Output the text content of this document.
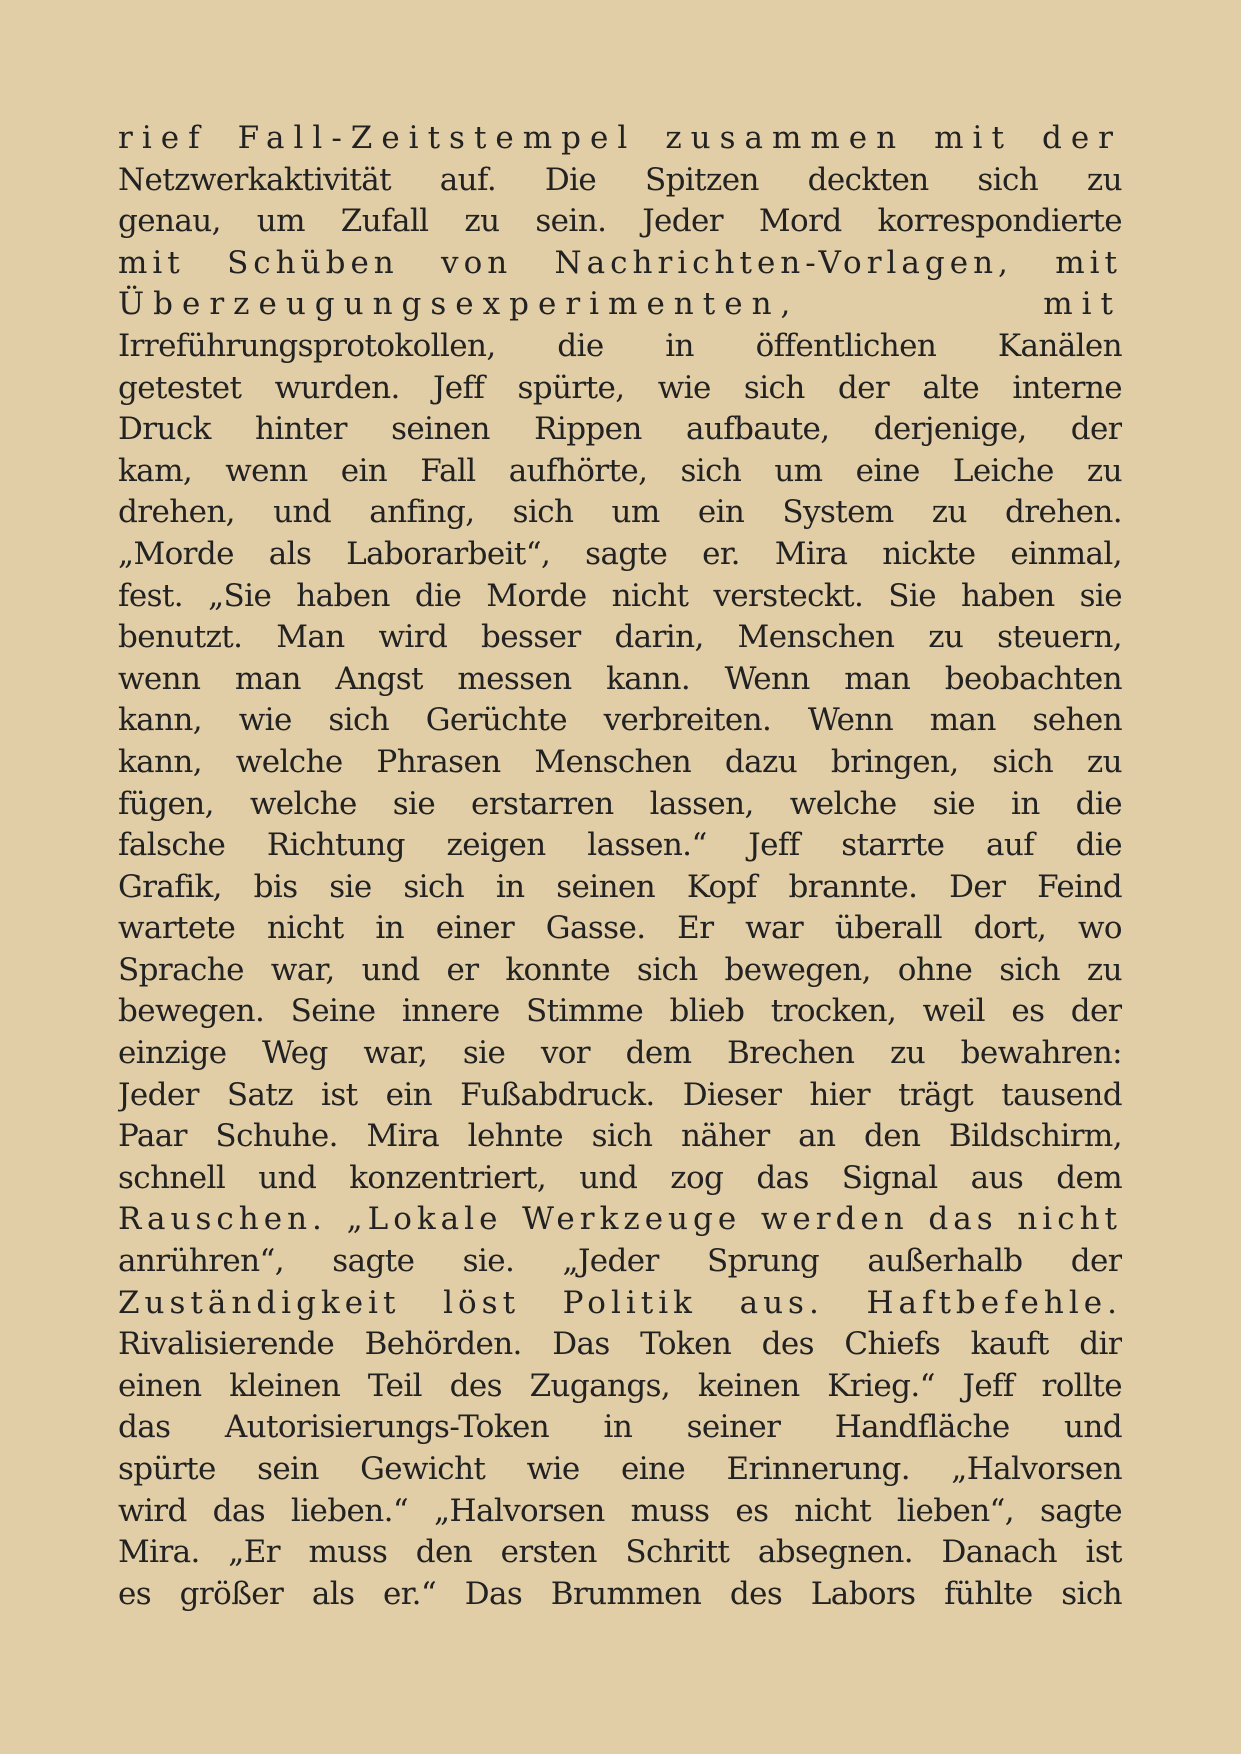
rief Fall-Zeitstempel zusammen mit der
Netzwerkaktivität auf. Die Spitzen deckten sich zu
genau, um Zufall zu sein. Jeder Mord korrespondierte
mit Schüben von Nachrichten-Vorlagen, mit
Überzeugungsexperimenten, mit
Irreführungsprotokollen, die in öffentlichen Kanälen
getestet wurden. Jeff spürte, wie sich der alte interne
Druck hinter seinen Rippen aufbaute, derjenige, der
kam, wenn ein Fall aufhörte, sich um eine Leiche zu
drehen, und anfing, sich um ein System zu drehen.
„Morde als Laborarbeit“, sagte er. Mira nickte einmal,
fest. „Sie haben die Morde nicht versteckt. Sie haben sie
benutzt. Man wird besser darin, Menschen zu steuern,
wenn man Angst messen kann. Wenn man beobachten
kann, wie sich Gerüchte verbreiten. Wenn man sehen
kann, welche Phrasen Menschen dazu bringen, sich zu
fügen, welche sie erstarren lassen, welche sie in die
falsche Richtung zeigen lassen.“ Jeff starrte auf die
Grafik, bis sie sich in seinen Kopf brannte. Der Feind
wartete nicht in einer Gasse. Er war überall dort, wo
Sprache war, und er konnte sich bewegen, ohne sich zu
bewegen. Seine innere Stimme blieb trocken, weil es der
einzige Weg war, sie vor dem Brechen zu bewahren:
Jeder Satz ist ein Fußabdruck. Dieser hier trägt tausend
Paar Schuhe. Mira lehnte sich näher an den Bildschirm,
schnell und konzentriert, und zog das Signal aus dem
Rauschen. „Lokale Werkzeuge werden das nicht
anrühren“, sagte sie. „Jeder Sprung außerhalb der
Zuständigkeit löst Politik aus. Haftbefehle.
Rivalisierende Behörden. Das Token des Chiefs kauft dir
einen kleinen Teil des Zugangs, keinen Krieg.“ Jeff rollte
das Autorisierungs-Token in seiner Handfläche und
spürte sein Gewicht wie eine Erinnerung. „Halvorsen
wird das lieben.“ „Halvorsen muss es nicht lieben“, sagte
Mira. „Er muss den ersten Schritt absegnen. Danach ist
es größer als er.“ Das Brummen des Labors fühlte sich
